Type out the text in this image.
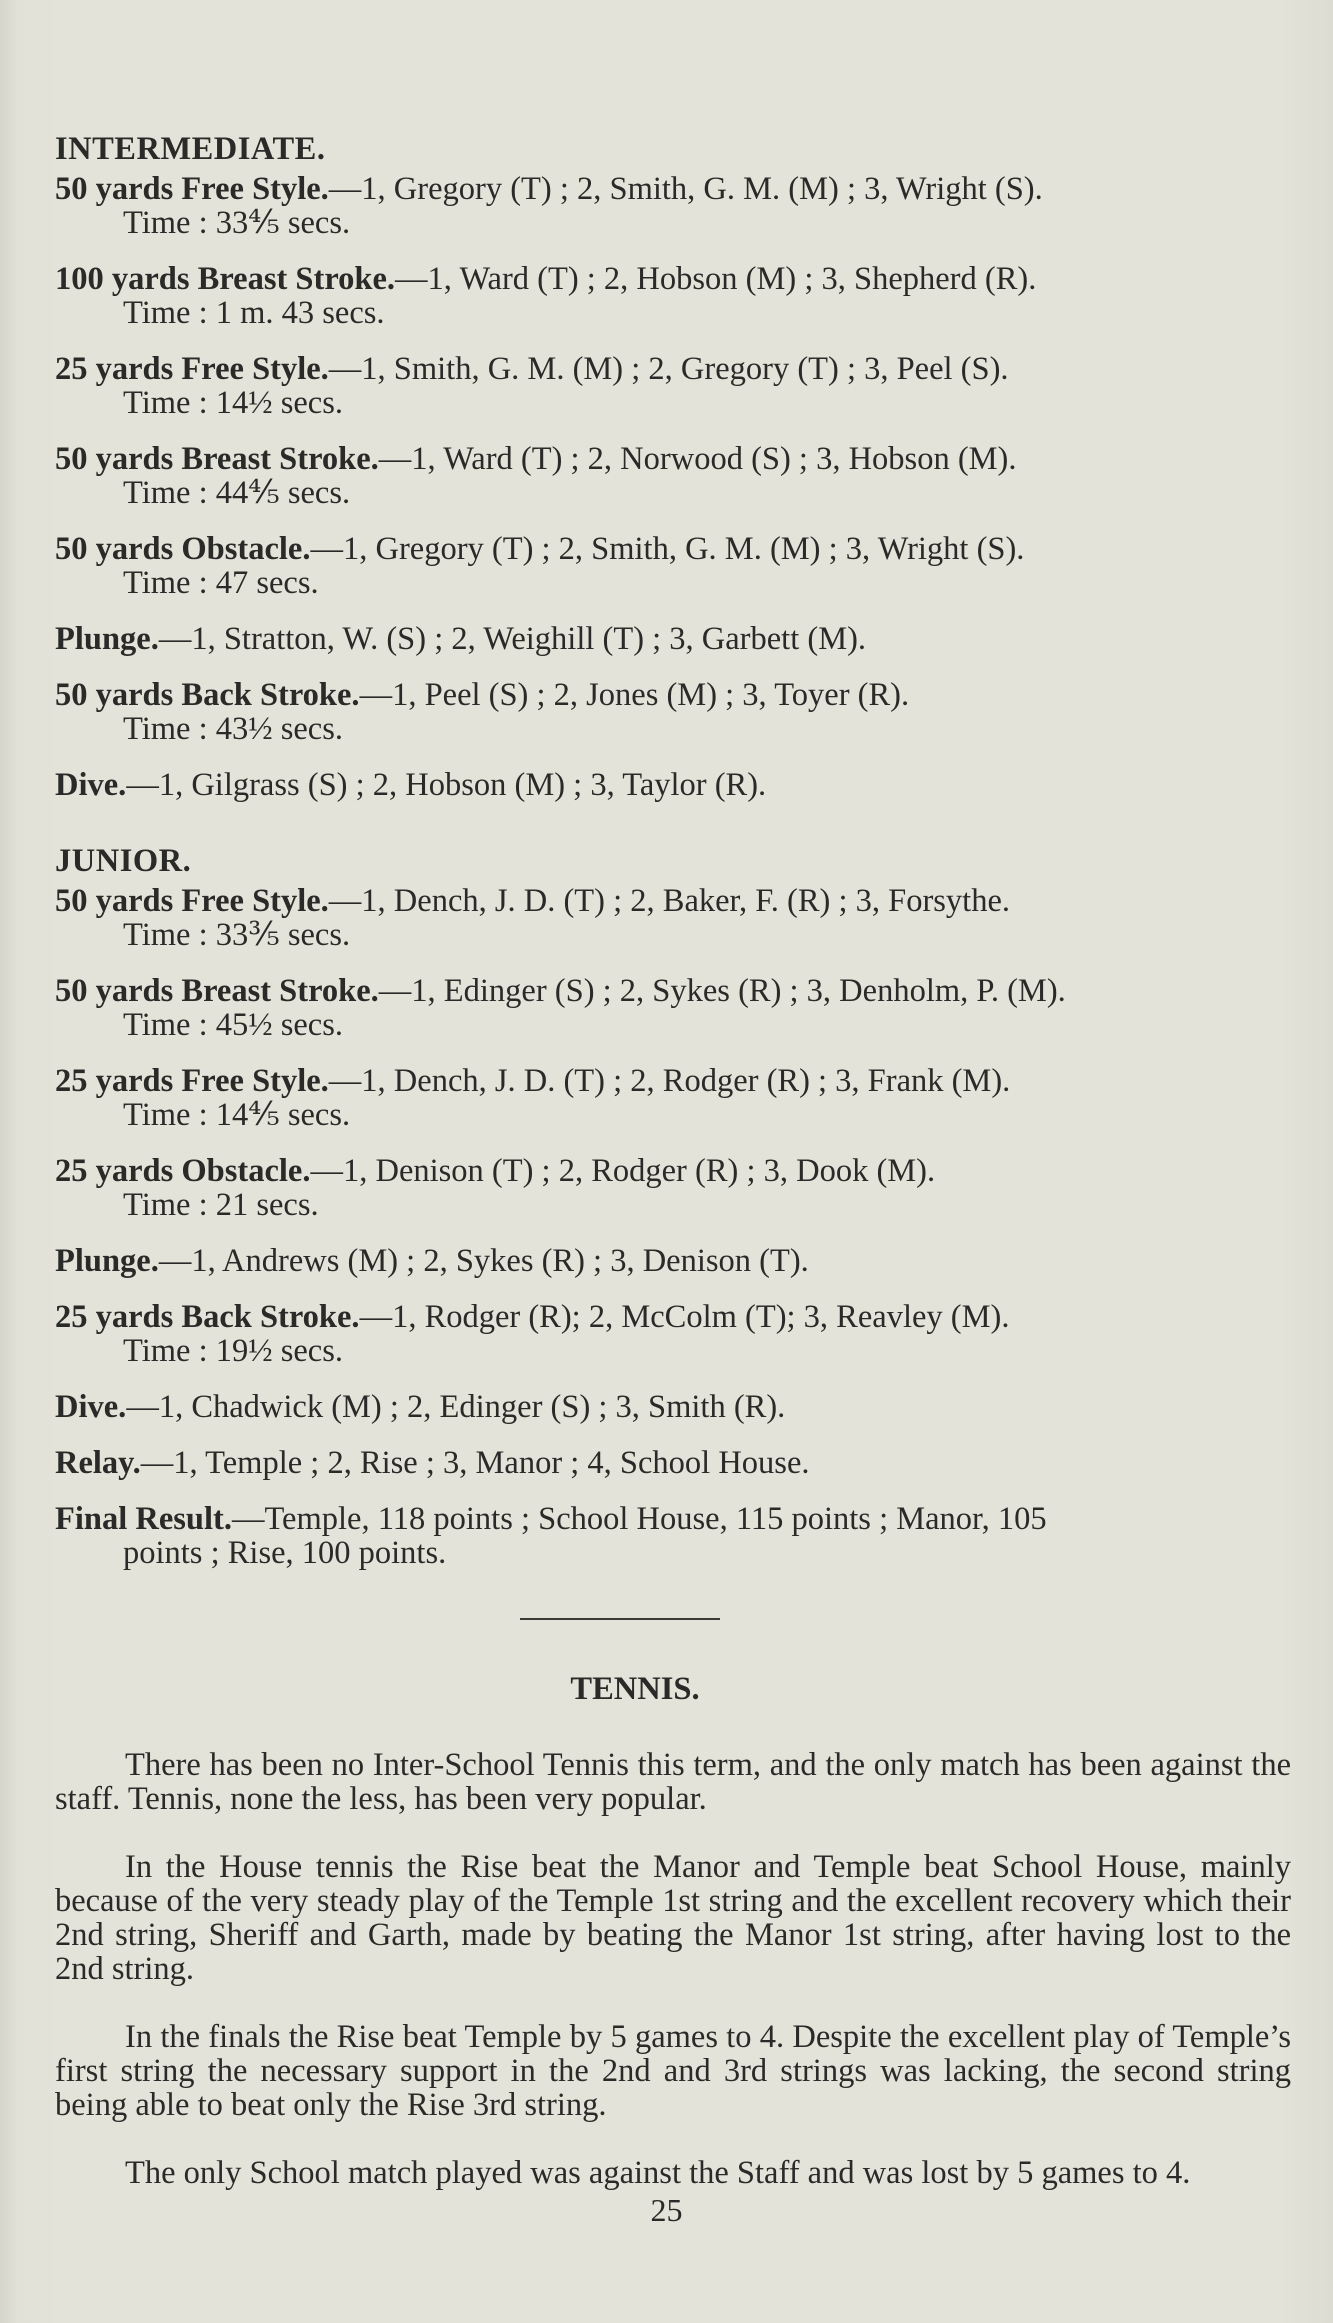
INTERMEDIATE.
50 yards Free Style.—1, Gregory (T) ; 2, Smith, G. M. (M) ; 3, Wright (S).
Time : 33⅘ secs.
100 yards Breast Stroke.—1, Ward (T) ; 2, Hobson (M) ; 3, Shepherd (R).
Time : 1 m. 43 secs.
25 yards Free Style.—1, Smith, G. M. (M) ; 2, Gregory (T) ; 3, Peel (S).
Time : 14½ secs.
50 yards Breast Stroke.—1, Ward (T) ; 2, Norwood (S) ; 3, Hobson (M).
Time : 44⅘ secs.
50 yards Obstacle.—1, Gregory (T) ; 2, Smith, G. M. (M) ; 3, Wright (S).
Time : 47 secs.
Plunge.—1, Stratton, W. (S) ; 2, Weighill (T) ; 3, Garbett (M).
50 yards Back Stroke.—1, Peel (S) ; 2, Jones (M) ; 3, Toyer (R).
Time : 43½ secs.
Dive.—1, Gilgrass (S) ; 2, Hobson (M) ; 3, Taylor (R).
JUNIOR.
50 yards Free Style.—1, Dench, J. D. (T) ; 2, Baker, F. (R) ; 3, Forsythe.
Time : 33⅗ secs.
50 yards Breast Stroke.—1, Edinger (S) ; 2, Sykes (R) ; 3, Denholm, P. (M).
Time : 45½ secs.
25 yards Free Style.—1, Dench, J. D. (T) ; 2, Rodger (R) ; 3, Frank (M).
Time : 14⅘ secs.
25 yards Obstacle.—1, Denison (T) ; 2, Rodger (R) ; 3, Dook (M).
Time : 21 secs.
Plunge.—1, Andrews (M) ; 2, Sykes (R) ; 3, Denison (T).
25 yards Back Stroke.—1, Rodger (R); 2, McColm (T); 3, Reavley (M).
Time : 19½ secs.
Dive.—1, Chadwick (M) ; 2, Edinger (S) ; 3, Smith (R).
Relay.—1, Temple ; 2, Rise ; 3, Manor ; 4, School House.
Final Result.—Temple, 118 points ; School House, 115 points ; Manor, 105
points ; Rise, 100 points.
TENNIS.

There has been no Inter-School Tennis this term, and the only match has been against the staff. Tennis, none the less, has been very popular.

In the House tennis the Rise beat the Manor and Temple beat School House, mainly because of the very steady play of the Temple 1st string and the excellent recovery which their 2nd string, Sheriff and Garth, made by beating the Manor 1st string, after having lost to the 2nd string.

In the finals the Rise beat Temple by 5 games to 4. Despite the excellent play of Temple’s first string the necessary support in the 2nd and 3rd strings was lacking, the second string being able to beat only the Rise 3rd string.

The only School match played was against the Staff and was lost by 5 games to 4.

25
